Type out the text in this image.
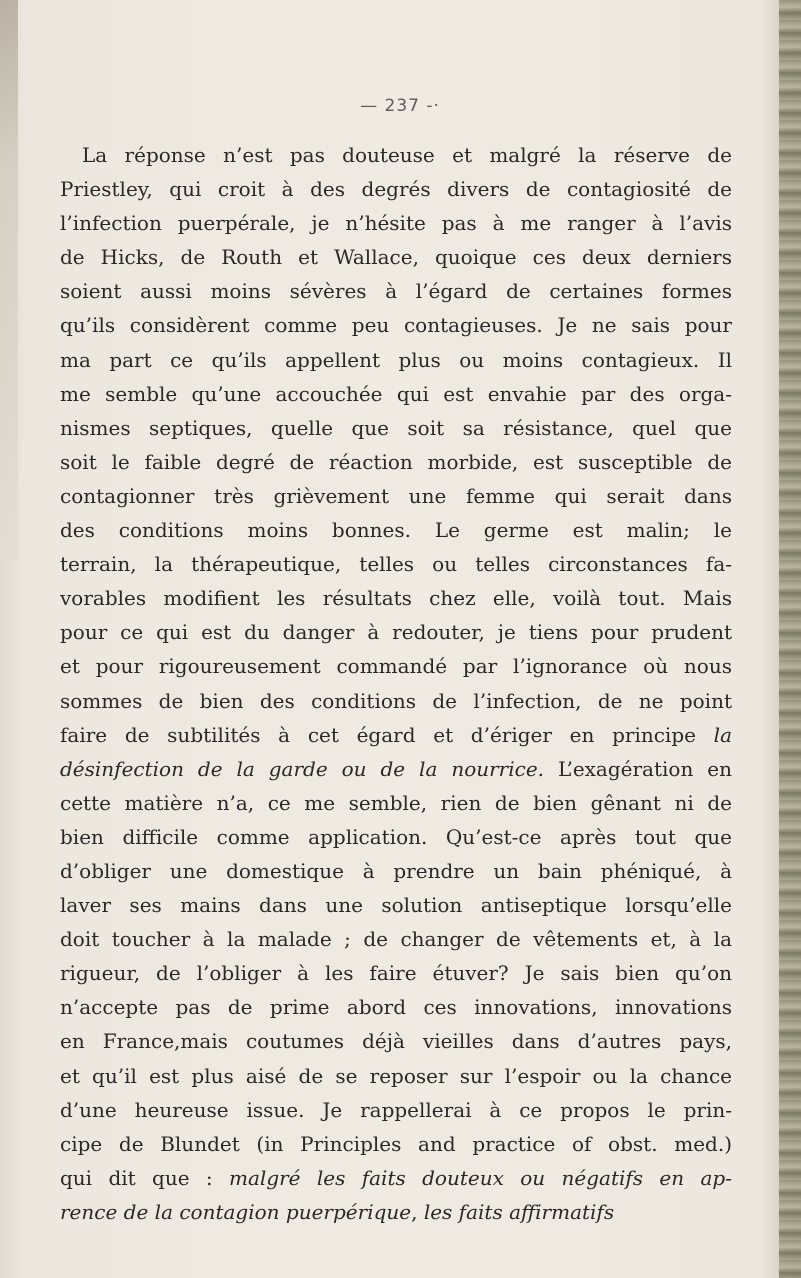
— 237 -·
La réponse n’est pas douteuse et malgré la réserve de
Priestley, qui croit à des degrés divers de contagiosité de
l’infection puerpérale, je n’hésite pas à me ranger à l’avis
de Hicks, de Routh et Wallace, quoique ces deux derniers
soient aussi moins sévères à l’égard de certaines formes
qu’ils considèrent comme peu contagieuses. Je ne sais pour
ma part ce qu’ils appellent plus ou moins contagieux. Il
me semble qu’une accouchée qui est envahie par des orga-
nismes septiques, quelle que soit sa résistance, quel que
soit le faible degré de réaction morbide, est susceptible de
contagionner très grièvement une femme qui serait dans
des conditions moins bonnes. Le germe est malin; le
terrain, la thérapeutique, telles ou telles circonstances fa-
vorables modifient les résultats chez elle, voilà tout. Mais
pour ce qui est du danger à redouter, je tiens pour prudent
et pour rigoureusement commandé par l’ignorance où nous
sommes de bien des conditions de l’infection, de ne point
faire de subtilités à cet égard et d’ériger en principe la
désinfection de la garde ou de la nourrice. L’exagération en
cette matière n’a, ce me semble, rien de bien gênant ni de
bien difficile comme application. Qu’est-ce après tout que
d’obliger une domestique à prendre un bain phéniqué, à
laver ses mains dans une solution antiseptique lorsqu’elle
doit toucher à la malade ; de changer de vêtements et, à la
rigueur, de l’obliger à les faire étuver? Je sais bien qu’on
n’accepte pas de prime abord ces innovations, innovations
en France,mais coutumes déjà vieilles dans d’autres pays,
et qu’il est plus aisé de se reposer sur l’espoir ou la chance
d’une heureuse issue. Je rappellerai à ce propos le prin-
cipe de Blundet (in Principles and practice of obst. med.)
qui dit que : malgré les faits douteux ou négatifs en ap-
rence de la contagion puerpérique, les faits affirmatifs
